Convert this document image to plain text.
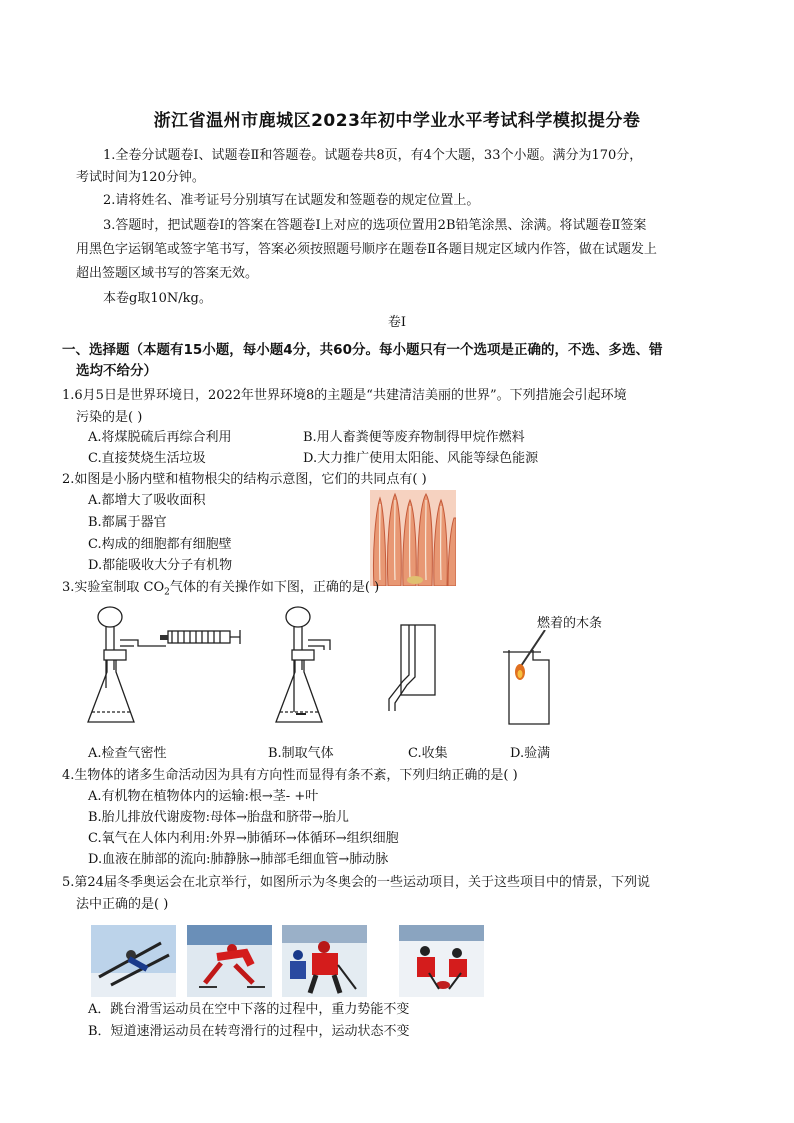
浙江省温州市鹿城区2023年初中学业水平考试科学模拟提分卷
1.全卷分试题卷Ⅰ、试题卷Ⅱ和答题卷。试题卷共8页，有4个大题，33个小题。满分为170分，
考试时间为120分钟。
2.请将姓名、准考证号分别填写在试题发和签题卷的规定位置上。
3.答题时，把试题卷Ⅰ的答案在答题卷Ⅰ上对应的选项位置用2B铅笔涂黑、涂满。将试题卷Ⅱ签案
用黑色字运钢笔或签字笔书写，答案必须按照题号顺序在题卷Ⅱ各题目规定区域内作答，做在试题发上
超出签题区域书写的答案无效。
本卷g取10N/kg。
卷Ⅰ
一、选择题（本题有15小题，每小题4分，共60分。每小题只有一个选项是正确的，不选、多选、错
选均不给分）
1.6月5日是世界环境日，2022年世界环境8的主题是“共建清洁美丽的世界”。下列措施会引起环境
污染的是( )
A.将煤脱硫后再综合利用	B.用人畜粪便等废弃物制得甲烷作燃料
C.直接焚烧生活垃圾	D.大力推广使用太阳能、风能等绿色能源
2.如图是小肠内壁和植物根尖的结构示意图，它们的共同点有( )
A.都增大了吸收面积
B.都属于器官
C.构成的细胞都有细胞壁
D.都能吸收大分子有机物
3.实验室制取 $CO_2$气体的有关操作如下图，正确的是( )
燃着的木条
A.检查气密性	B.制取气体	C.收集	D.验满
4.生物体的诸多生命活动因为具有方向性而显得有条不紊，下列归纳正确的是( )
A.有机物在植物体内的运输:根→茎- +叶
B.胎儿排放代谢废物:母体→胎盘和脐带→胎儿
C.氧气在人体内利用:外界→肺循环→体循环→组织细胞
D.血液在肺部的流向:肺静脉→肺部毛细血管→肺动脉
5.第24届冬季奥运会在北京举行，如图所示为冬奥会的一些运动项目，关于这些项目中的情景，下列说
法中正确的是( )
A．跳台滑雪运动员在空中下落的过程中，重力势能不变
B．短道速滑运动员在转弯滑行的过程中，运动状态不变
